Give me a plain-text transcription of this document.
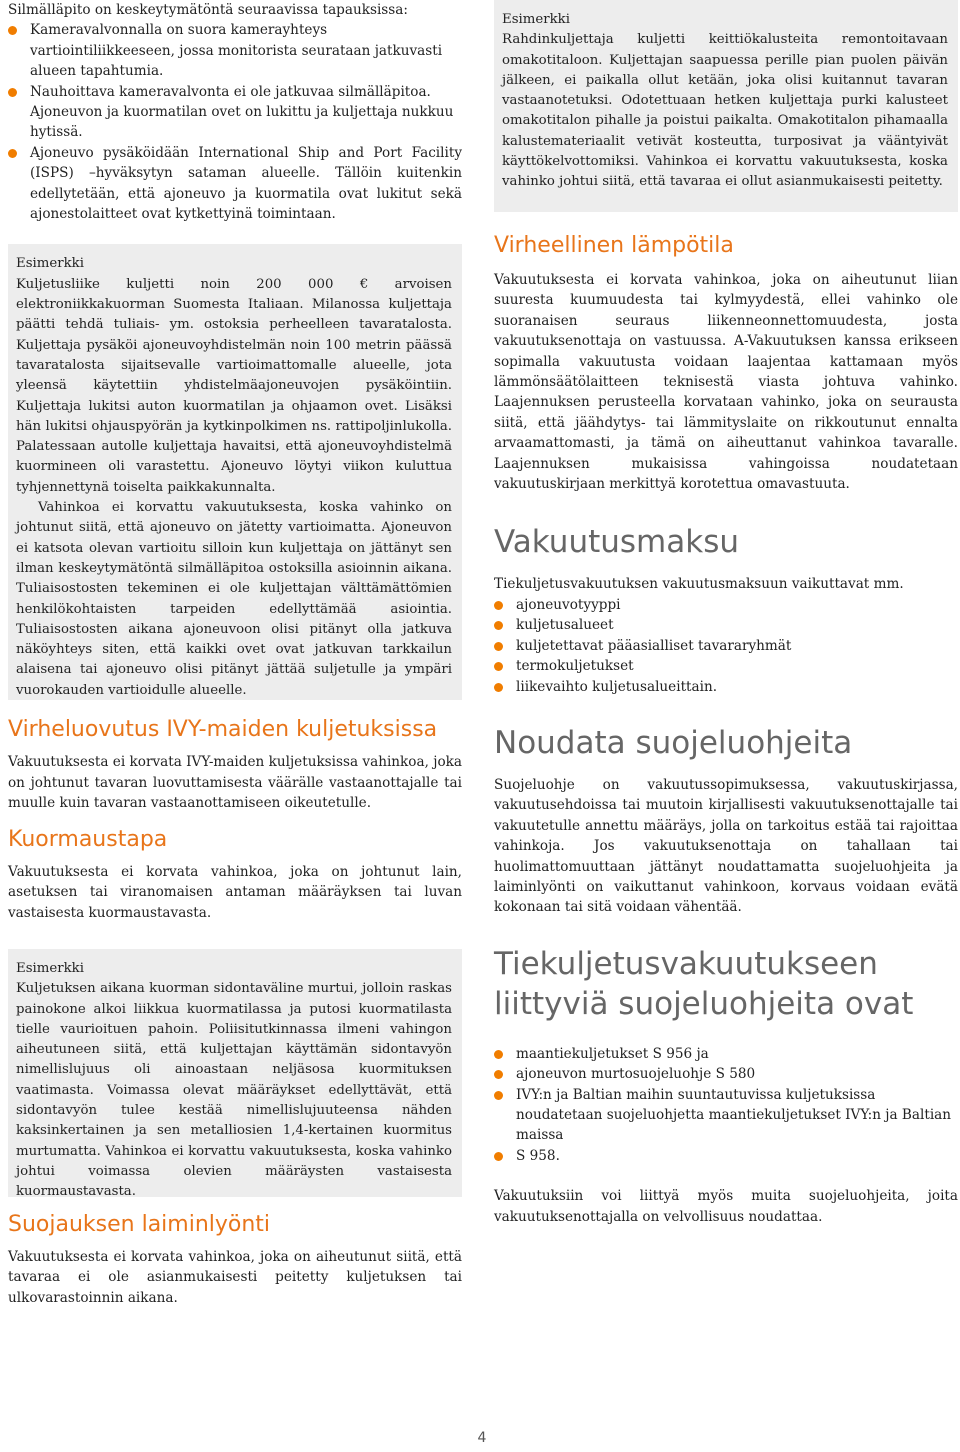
Silmälläpito on keskeytymätöntä seuraavissa tapauksissa:

Kameravalvonnalla on suora kamerayhteys vartiointiliikkeeseen, jossa monitorista seurataan jatkuvasti alueen tapahtumia.
Nauhoittava kameravalvonta ei ole jatkuvaa silmälläpitoa. Ajoneuvon ja kuormatilan ovet on lukittu ja kuljettaja nukkuu hytissä.
Ajoneuvo pysäköidään International Ship and Port Facility (ISPS) –hyväksytyn sataman alueelle. Tällöin kuitenkin edellytetään, että ajoneuvo ja kuormatila ovat lukitut sekä ajonestolaitteet ovat kytkettyinä toimintaan.

Esimerkki

Kuljetusliike kuljetti noin 200 000 € arvoisen elektroniikkakuorman Suomesta Italiaan. Milanossa kuljettaja päätti tehdä tuliais- ym. ostoksia perheelleen tavaratalosta. Kuljettaja pysäköi ajoneuvoyhdistelmän noin 100 metrin päässä tavaratalosta sijaitsevalle vartioimattomalle alueelle, jota yleensä käytettiin yhdistelmäajoneuvojen pysäköintiin. Kuljettaja lukitsi auton kuormatilan ja ohjaamon ovet. Lisäksi hän lukitsi ohjauspyörän ja kytkinpolkimen ns. rattipoljinlukolla. Palatessaan autolle kuljettaja havaitsi, että ajoneuvoyhdistelmä kuormineen oli varastettu. Ajoneuvo löytyi viikon kuluttua tyhjennettynä toiselta paikkakunnalta.

Vahinkoa ei korvattu vakuutuksesta, koska vahinko on johtunut siitä, että ajoneuvo on jätetty vartioimatta. Ajoneuvon ei katsota olevan vartioitu silloin kun kuljettaja on jättänyt sen ilman keskeytymätöntä silmälläpitoa ostoksilla asioinnin aikana. Tuliaisostosten tekeminen ei ole kuljettajan välttämättömien henkilökohtaisten tarpeiden edellyttämää asiointia. Tuliaisostosten aikana ajoneuvoon olisi pitänyt olla jatkuva näköyhteys siten, että kaikki ovet ovat jatkuvan tarkkailun alaisena tai ajoneuvo olisi pitänyt jättää suljetulle ja ympäri vuorokauden vartioidulle alueelle.

Virheluovutus IVY-maiden kuljetuksissa

Vakuutuksesta ei korvata IVY-maiden kuljetuksissa vahinkoa, joka on johtunut tavaran luovuttamisesta väärälle vastaanottajalle tai muulle kuin tavaran vastaanottamiseen oikeutetulle.

Kuormaustapa

Vakuutuksesta ei korvata vahinkoa, joka on johtunut lain, asetuksen tai viranomaisen antaman määräyksen tai luvan vastaisesta kuormaustavasta.

Esimerkki

Kuljetuksen aikana kuorman sidontaväline murtui, jolloin raskas painokone alkoi liikkua kuormatilassa ja putosi kuormatilasta tielle vaurioituen pahoin. Poliisitutkinnassa ilmeni vahingon aiheutuneen siitä, että kuljettajan käyttämän sidontavyön nimellislujuus oli ainoastaan neljäsosa kuormituksen vaatimasta. Voimassa olevat määräykset edellyttävät, että sidontavyön tulee kestää nimellislujuuteensa nähden kaksinkertainen ja sen metalliosien 1,4-kertainen kuormitus murtumatta. Vahinkoa ei korvattu vakuutuksesta, koska vahinko johtui voimassa olevien määräysten vastaisesta kuormaustavasta.

Suojauksen laiminlyönti

Vakuutuksesta ei korvata vahinkoa, joka on aiheutunut siitä, että tavaraa ei ole asianmukaisesti peitetty kuljetuksen tai ulkovarastoinnin aikana.

Esimerkki

Rahdinkuljettaja kuljetti keittiökalusteita remontoitavaan omakotitaloon. Kuljettajan saapuessa perille pian puolen päivän jälkeen, ei paikalla ollut ketään, joka olisi kuitannut tavaran vastaanotetuksi. Odotettuaan hetken kuljettaja purki kalusteet omakotitalon pihalle ja poistui paikalta. Omakotitalon pihamaalla kalustemateriaalit vetivät kosteutta, turposivat ja vääntyivät käyttökelvottomiksi. Vahinkoa ei korvattu vakuutuksesta, koska vahinko johtui siitä, että tavaraa ei ollut asianmukaisesti peitetty.

Virheellinen lämpötila

Vakuutuksesta ei korvata vahinkoa, joka on aiheutunut liian suuresta kuumuudesta tai kylmyydestä, ellei vahinko ole suoranaisen seuraus liikenneonnettomuudesta, josta vakuutuksenottaja on vastuussa. A-Vakuutuksen kanssa erikseen sopimalla vakuutusta voidaan laajentaa kattamaan myös lämmönsäätölaitteen teknisestä viasta johtuva vahinko. Laajennuksen perusteella korvataan vahinko, joka on seurausta siitä, että jäähdytys- tai lämmityslaite on rikkoutunut ennalta arvaamattomasti, ja tämä on aiheuttanut vahinkoa tavaralle. Laajennuksen mukaisissa vahingoissa noudatetaan vakuutuskirjaan merkittyä korotettua omavastuuta.

Vakuutusmaksu

Tiekuljetusvakuutuksen vakuutusmaksuun vaikuttavat mm.

ajoneuvotyyppi
kuljetusalueet
kuljetettavat pääasialliset tavararyhmät
termokuljetukset
liikevaihto kuljetusalueittain.
Noudata suojeluohjeita

Suojeluohje on vakuutussopimuksessa, vakuutuskirjassa, vakuutusehdoissa tai muutoin kirjallisesti vakuutuksenottajalle tai vakuutetulle annettu määräys, jolla on tarkoitus estää tai rajoittaa vahinkoja. Jos vakuutuksenottaja on tahallaan tai huolimattomuuttaan jättänyt noudattamatta suojeluohjeita ja laiminlyönti on vaikuttanut vahinkoon, korvaus voidaan evätä kokonaan tai sitä voidaan vähentää.

Tiekuljetusvakuutukseen liittyviä suojeluohjeita ovat
maantiekuljetukset S 956 ja
ajoneuvon murtosuojeluohje S 580
IVY:n ja Baltian maihin suuntautuvissa kuljetuksissa noudatetaan suojeluohjetta maantiekuljetukset IVY:n ja Baltian maissa
S 958.

Vakuutuksiin voi liittyä myös muita suojeluohjeita, joita vakuutuksenottajalla on velvollisuus noudattaa.

4
